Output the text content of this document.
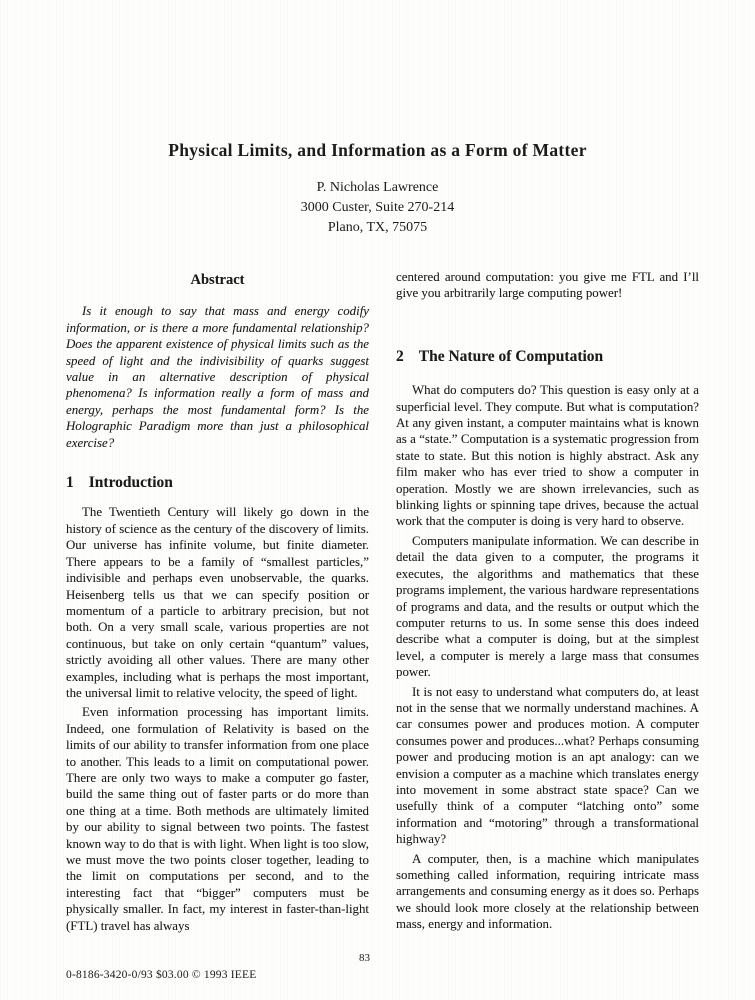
Physical Limits, and Information as a Form of Matter
P. Nicholas Lawrence
3000 Custer, Suite 270-214
Plano, TX, 75075
Abstract

Is it enough to say that mass and energy codify information, or is there a more fundamental relationship? Does the apparent existence of physical limits such as the speed of light and the indivisibility of quarks suggest value in an alternative description of physical phenomena? Is information really a form of mass and energy, perhaps the most fundamental form? Is the Holographic Paradigm more than just a philosophical exercise?

1 Introduction

The Twentieth Century will likely go down in the history of science as the century of the discovery of limits. Our universe has infinite volume, but finite diameter. There appears to be a family of “smallest particles,” indivisible and perhaps even unobservable, the quarks. Heisenberg tells us that we can specify position or momentum of a particle to arbitrary precision, but not both. On a very small scale, various properties are not continuous, but take on only certain “quantum” values, strictly avoiding all other values. There are many other examples, including what is perhaps the most important, the universal limit to relative velocity, the speed of light.

Even information processing has important limits. Indeed, one formulation of Relativity is based on the limits of our ability to transfer information from one place to another. This leads to a limit on computational power. There are only two ways to make a computer go faster, build the same thing out of faster parts or do more than one thing at a time. Both methods are ultimately limited by our ability to signal between two points. The fastest known way to do that is with light. When light is too slow, we must move the two points closer together, leading to the limit on computations per second, and to the interesting fact that “bigger” computers must be physically smaller. In fact, my interest in faster-than-light (FTL) travel has always

centered around computation: you give me FTL and I’ll give you arbitrarily large computing power!

2 The Nature of Computation

What do computers do? This question is easy only at a superficial level. They compute. But what is computation? At any given instant, a computer maintains what is known as a “state.” Computation is a systematic progression from state to state. But this notion is highly abstract. Ask any film maker who has ever tried to show a computer in operation. Mostly we are shown irrelevancies, such as blinking lights or spinning tape drives, because the actual work that the computer is doing is very hard to observe.

Computers manipulate information. We can describe in detail the data given to a computer, the programs it executes, the algorithms and mathematics that these programs implement, the various hardware representations of programs and data, and the results or output which the computer returns to us. In some sense this does indeed describe what a computer is doing, but at the simplest level, a computer is merely a large mass that consumes power.

It is not easy to understand what computers do, at least not in the sense that we normally understand machines. A car consumes power and produces motion. A computer consumes power and produces...what? Perhaps consuming power and producing motion is an apt analogy: can we envision a computer as a machine which translates energy into movement in some abstract state space? Can we usefully think of a computer “latching onto” some information and “motoring” through a transformational highway?

A computer, then, is a machine which manipulates something called information, requiring intricate mass arrangements and consuming energy as it does so. Perhaps we should look more closely at the relationship between mass, energy and information.

83
0-8186-3420-0/93 $03.00 © 1993 IEEE
